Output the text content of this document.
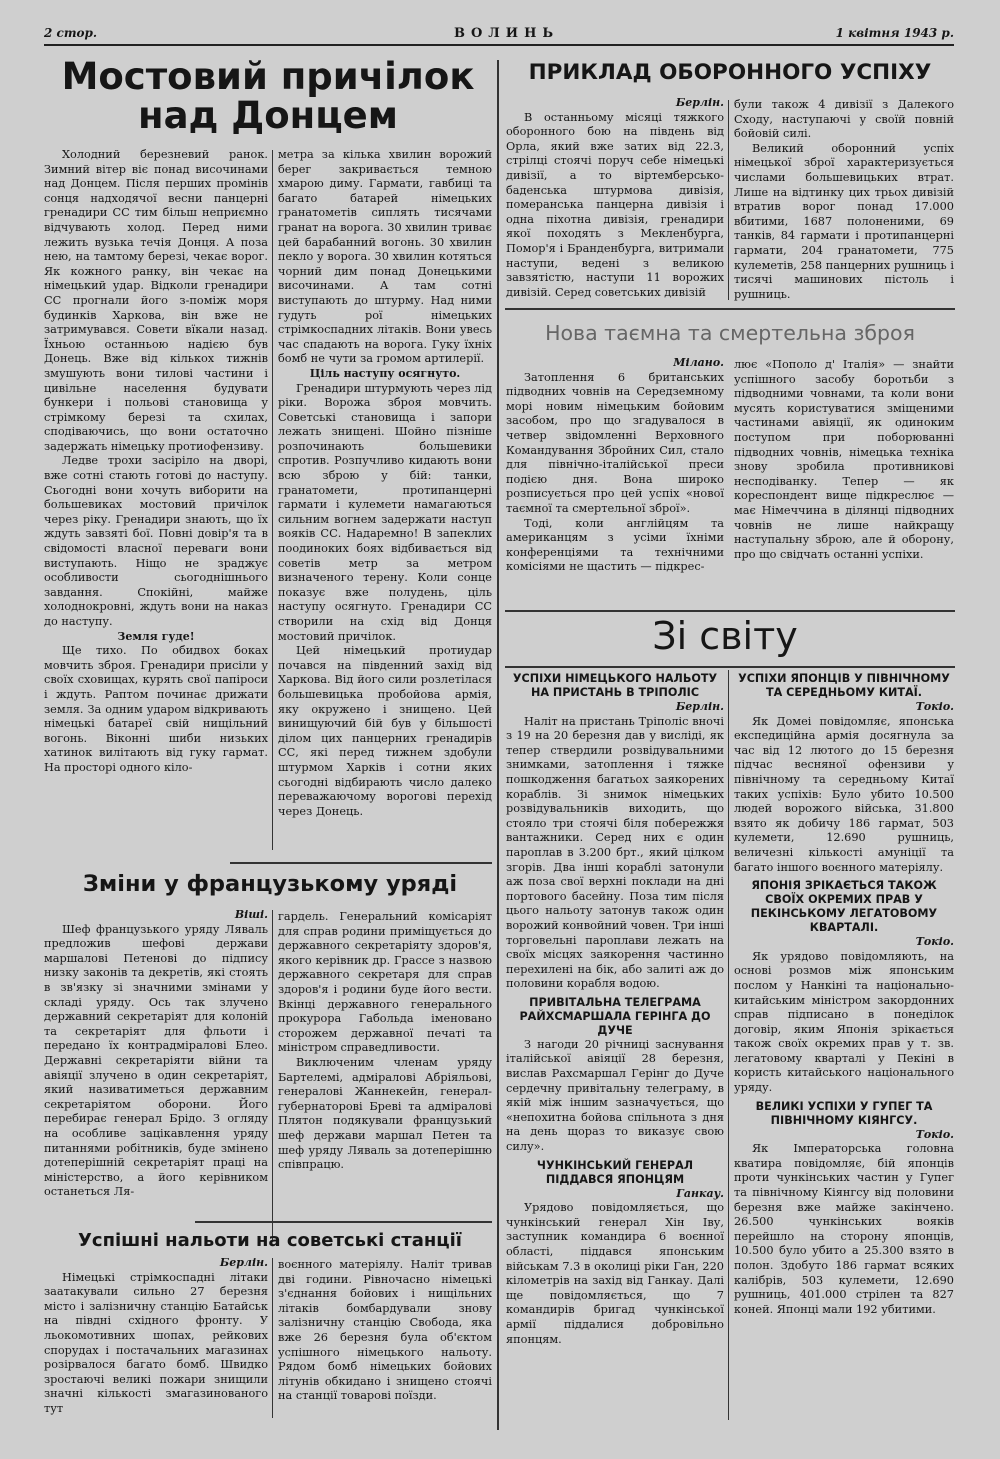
2 стор.	ВОЛИНЬ	1 квітня 1943 р.
Мостовий причілок
над Донцем

Холодний березневий ранок. Зимний вітер віє понад височинами над Донцем. Після перших промінів сонця надходячої весни панцерні гренадири СС тим більш неприємно відчувають холод. Перед ними лежить вузька течія Донця. А поза нею, на тамтому березі, чекає ворог. Як кожного ранку, він чекає на німецький удар. Відколи гренадири СС прогнали його з-поміж моря будинків Харкова, він вже не затримувався. Совети вїкали назад. Їхньою останньою надією був Донець. Вже від кількох тижнів змушують вони тилові частини і цивільне населення будувати бункери і польові становища у стрімкому березі та схилах, сподіваючись, що вони остаточно задержать німецьку протиофензиву.

Ледве трохи засіріло на дворі, вже сотні стають готові до наступу. Сьогодні вони хочуть виборити на большевиках мостовий причілок через ріку. Гренадири знають, що їх ждуть завзяті бої. Повні довір'я та в свідомості власної переваги вони виступають. Ніщо не зраджує особливости сьогоднішнього завдання. Спокійні, майже холоднокровні, ждуть вони на наказ до наступу.

Земля гуде!

Ще тихо. По обидвох боках мовчить зброя. Гренадири присіли у своїх сховищах, курять свої папіроси і ждуть. Раптом починає дрижати земля. За одним ударом відкривають німецькі батареї свій нищільний вогонь. Віконні шиби низьких хатинок вилітають від гуку гармат. На просторі одного кіло-

метра за кілька хвилин ворожий берег закривається темною хмарою диму. Гармати, гавбиці та багато батарей німецьких гранатометів сиплять тисячами гранат на ворога. 30 хвилин триває цей барабанний вогонь. 30 хвилин пекло у ворога. 30 хвилин котяться чорний дим понад Донецькими височинами. А там сотні виступають до штурму. Над ними гудуть рої німецьких стрімкоспадних літаків. Вони увесь час спадають на ворога. Гуку їхніх бомб не чути за громом артилерії.

Ціль наступу осягнуто.

Гренадири штурмують через лід ріки. Ворожа зброя мовчить. Советські становища і запори лежать знищені. Шойно пізніше розпочинають большевики спротив. Розпучливо кидають вони всю зброю у бій: танки, гранатомети, протипанцерні гармати і кулемети намагаються сильним вогнем задержати наступ вояків СС. Надаремно! В запеклих поодиноких боях відбивається від советів метр за метром визначеного терену. Коли сонце показує вже полудень, ціль наступу осягнуто. Гренадири СС створили на схід від Донця мостовий причілок.

Цей німецький протиудар почався на південний захід від Харкова. Від його сили розлетілася большевицька пробойова армія, яку окружено і знищено. Цей винищуючий бій був у більшості ділом цих панцерних гренадирів СС, які перед тижнем здобули штурмом Харків і сотни яких сьогодні відбирають число далеко переважаючому ворогові перехід через Донець.

ПРИКЛАД ОБОРОННОГО УСПІХУ

Берлін.

В останньому місяці тяжкого оборонного бою на південь від Орла, який вже затих від 22.3, стрілці стоячі поруч себе німецькі дивізії, а то віртемберсько-баденська штурмова дивізія, померанська панцерна дивізія і одна піхотна дивізія, гренадири якої походять з Мекленбурга, Помор'я і Бранденбурга, витримали наступи, ведені з великою завзятістю, наступи 11 ворожих дивізій. Серед советських дивізій

були також 4 дивізії з Далекого Сходу, наступаючі у своїй повній бойовій силі.

Великий оборонний успіх німецької зброї характеризується числами большевицьких втрат. Лише на відтинку цих трьох дивізій втратив ворог понад 17.000 вбитими, 1687 полоненими, 69 танків, 84 гармати і протипанцерні гармати, 204 гранатомети, 775 кулеметів, 258 панцерних рушниць і тисячі машинових пістоль і рушниць.

Нова таємна та смертельна зброя

Мілано.

Затоплення 6 британських підводних човнів на Середземному морі новим німецьким бойовим засобом, про що згадувалося в четвер звідомленні Верховного Командування Збройних Сил, стало для північно-італійської преси подією дня. Вона широко розписується про цей успіх «нової таємної та смертельної зброї».

Тоді, коли англійцям та американцям з усіми їхніми конференціями та технічними комісіями не щастить — підкрес-

лює «Пополо д' Італія» — знайти успішного засобу боротьби з підводними човнами, та коли вони мусять користуватися зміщеними частинами авіяції, як одиноким поступом при поборюванні підводних човнів, німецька техніка знову зробила противникові несподіванку. Тепер — як кореспондент вище підкреслює — має Німеччина в ділянці підводних човнів не лише найкращу наступальну зброю, але й оборону, про що свідчать останні успіхи.

Зі світу
УСПІХИ НІМЕЦЬКОГО НАЛЬОТУ НА ПРИСТАНЬ В ТРІПОЛІС

Берлін.

Наліт на пристань Тріполіс вночі з 19 на 20 березня дав у висліді, як тепер ствердили розвідувальними знимками, затоплення і тяжке пошкодження багатьох заякорених кораблів. Зі знимок німецьких розвідувальників виходить, що стояло три стоячі біля побережжя вантажники. Серед них є один пароплав в 3.200 брт., який цілком згорів. Два інші кораблі затонули аж поза свої верхні поклади на дні портового басейну. Поза тим після цього нальоту затонув також один ворожий конвойний човен. Три інші торговельні пароплави лежать на своїх місцях заякорення частинно перехилені на бік, або залиті аж до половини корабля водою.

ПРИВІТАЛЬНА ТЕЛЕГРАМА РАЙХСМАРШАЛА ГЕРІНГА ДО ДУЧЕ

З нагоди 20 річниці заснування італійської авіяції 28 березня, вислав Рахсмаршал Герінг до Дуче сердечну привітальну телеграму, в якій між іншим зазначується, що «непохитна бойова спільнота з дня на день щораз то виказує свою силу».

ЧУНКІНСЬКИЙ ГЕНЕРАЛ ПІДДАВСЯ ЯПОНЦЯМ

Ганкау.

Урядово повідомляється, що чункінський генерал Хін Іву, заступник командира 6 воєнної області, піддався японським військам 7.3 в околиці ріки Ган, 220 кілометрів на захід від Ганкау. Далі ще повідомляється, що 7 командирів бригад чункінської армії піддалися добровільно японцям.

УСПІХИ ЯПОНЦІВ У ПІВНІЧНОМУ ТА СЕРЕДНЬОМУ КИТАЇ.

Токіо.

Як Домеі повідомляє, японська експедиційна армія досягнула за час від 12 лютого до 15 березня підчас весняної офензиви у північному та середньому Китаї таких успіхів: Було убито 10.500 людей ворожого війська, 31.800 взято як добичу 186 гармат, 503 кулемети, 12.690 рушниць, величезні кількості амуніції та багато іншого воєнного матеріялу.

ЯПОНІЯ ЗРІКАЄТЬСЯ ТАКОЖ СВОЇХ ОКРЕМИХ ПРАВ У ПЕКІНСЬКОМУ ЛЕГАТОВОМУ КВАРТАЛІ.

Токіо.

Як урядово повідомляють, на основі розмов між японським послом у Нанкіні та національно-китайським міністром закордонних справ підписано в понеділок договір, яким Японія зрікається також своїх окремих прав у т. зв. легатовому кварталі у Пекіні в користь китайського національного уряду.

ВЕЛИКІ УСПІХИ У ГУПЕГ ТА ПІВНІЧНОМУ КІЯНГСУ.

Токіо.

Як Імператорська головна кватира повідомляє, бій японців проти чункінських частин у Гупег та північному Кіянгсу від половини березня вже майже закінчено. 26.500 чункінських вояків перейшло на сторону японців, 10.500 було убито а 25.300 взято в полон. Здобуто 186 гармат всяких калібрів, 503 кулемети, 12.690 рушниць, 401.000 стрілен та 827 коней. Японці мали 192 убитими.

Зміни у французькому уряді

Віші.

Шеф французького уряду Ляваль предложив шефові держави маршалові Петенові до підпису низку законів та декретів, які стоять в зв'язку зі значними змінами у складі уряду. Ось так злучено державний секретаріят для колоній та секретаріят для фльоти і передано їх контрадміралові Блео. Державні секретаріяти війни та авіяції злучено в один секретаріят, який називатиметься державним секретаріятом оборони. Його перебирає генерал Брідо. З огляду на особливе зацікавлення уряду питаннями робітників, буде змінено дотеперішній секретаріят праці на міністерство, а його керівником останеться Ля-

гардель. Генеральний комісаріят для справ родини приміщується до державного секретаріяту здоров'я, якого керівник др. Грассе з назвою державного секретаря для справ здоров'я і родини буде його вести. Вкінці державного генерального прокурора Габольда іменовано сторожем державної печаті та міністром справедливости.

Виключеним членам уряду Бартелемі, адміралові Абріяльові, генералові Жаннекейн, генерал-губернаторові Бреві та адміралові Плятон подякували французький шеф держави маршал Петен та шеф уряду Ляваль за дотеперішню співпрацю.

Успішні нальоти на советські станції

Берлін.

Німецькі стрімкоспадні літаки заатакували сильно 27 березня місто і залізничну станцію Батайськ на півдні східного фронту. У льокомотивних шопах, рейкових спорудах і постачальних магазинах розірвалося багато бомб. Швидко зростаючі великі пожари знищили значні кількості змагазинованого тут

воєнного матеріялу. Наліт тривав дві години. Рівночасно німецькі з'єднання бойових і нищільних літаків бомбардували знову залізничну станцію Свобода, яка вже 26 березня була об'єктом успішного німецького нальоту. Рядом бомб німецьких бойових літунів обкидано і знищено стоячі на станції товарові поїзди.
